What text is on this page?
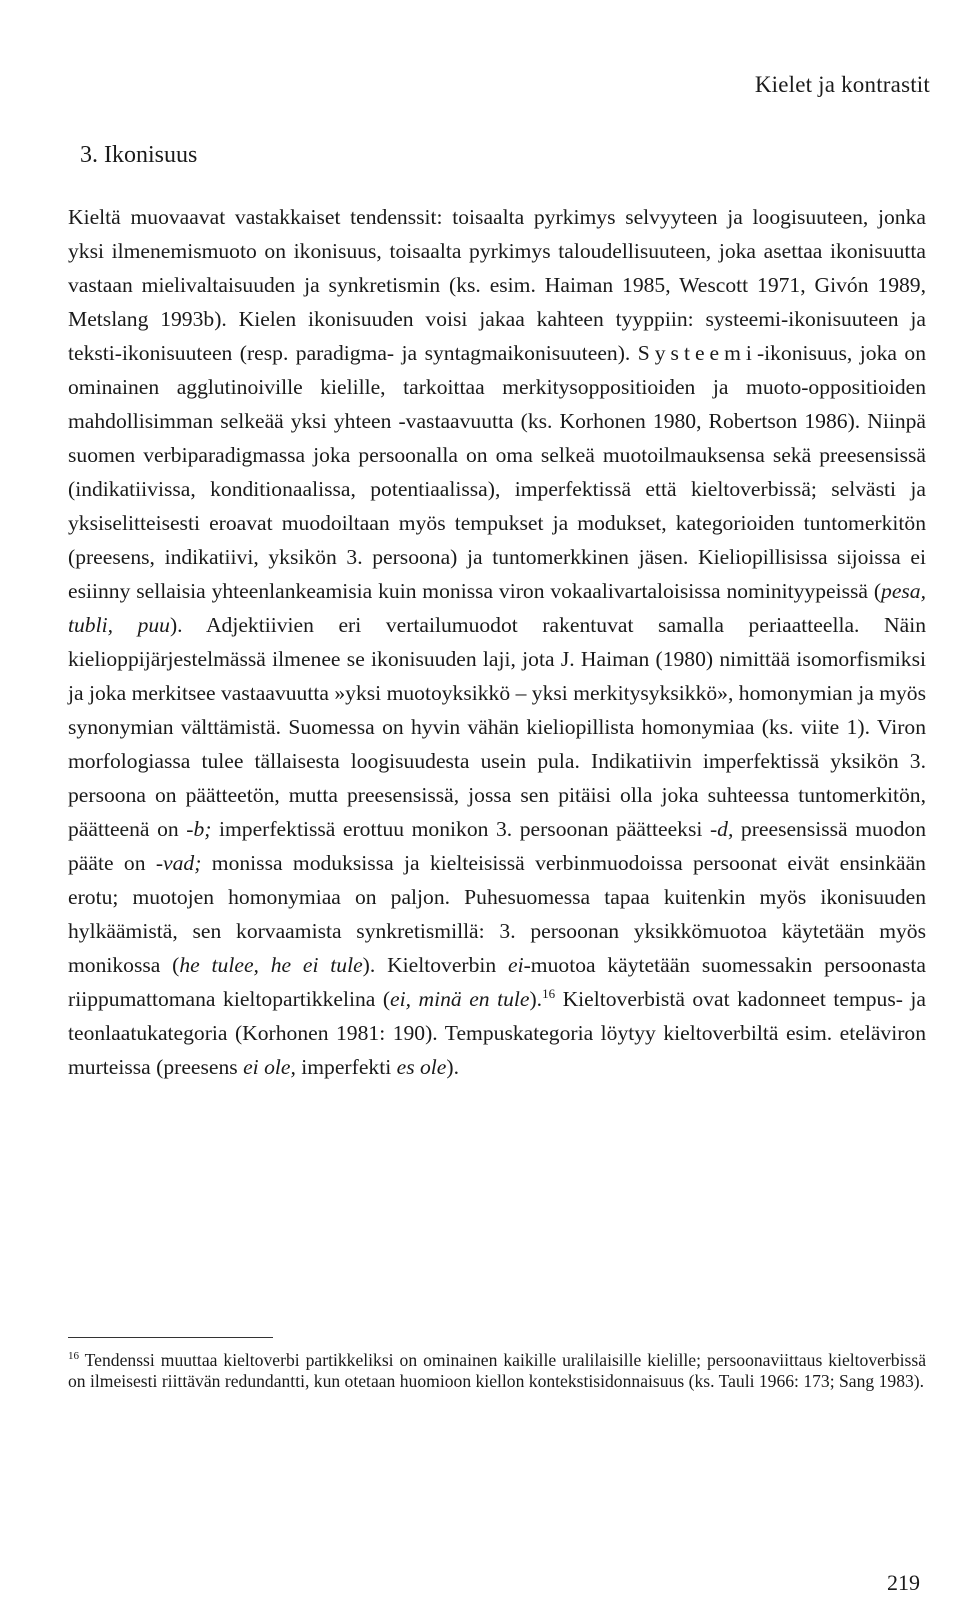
Kielet ja kontrastit
3. Ikonisuus

Kieltä muovaavat vastakkaiset tendenssit: toisaalta pyrkimys selvyyteen ja loogisuuteen, jonka yksi ilmenemismuoto on ikonisuus, toisaalta pyrkimys taloudellisuuteen, joka asettaa ikonisuutta vastaan mielivaltaisuuden ja synkretismin (ks. esim. Haiman 1985, Wescott 1971, Givón 1989, Metslang 1993b). Kielen ikonisuuden voisi jakaa kahteen tyyppiin: systeemi-ikonisuuteen ja teksti-ikonisuuteen (resp. paradigma- ja syntagmaikonisuuteen). Systeemi-ikonisuus, joka on ominainen agglutinoiville kielille, tarkoittaa merkitysoppositioiden ja muoto-oppositioiden mahdollisimman selkeää yksi yhteen -vastaavuutta (ks. Korhonen 1980, Robertson 1986). Niinpä suomen verbiparadigmassa joka persoonalla on oma selkeä muotoilmauksensa sekä preesensissä (indikatiivissa, konditionaalissa, potentiaalissa), imperfektissä että kieltoverbissä; selvästi ja yksiselitteisesti eroavat muodoiltaan myös tempukset ja modukset, kategorioiden tuntomerkitön (preesens, indikatiivi, yksikön 3. persoona) ja tuntomerkkinen jäsen. Kieliopillisissa sijoissa ei esiinny sellaisia yhteenlankeamisia kuin monissa viron vokaalivartaloisissa nominityypeissä (pesa, tubli, puu). Adjektiivien eri vertailumuodot rakentuvat samalla periaatteella. Näin kielioppijärjestelmässä ilmenee se ikonisuuden laji, jota J. Haiman (1980) nimittää isomorfismiksi ja joka merkitsee vastaavuutta »yksi muotoyksikkö – yksi merkitysyksikkö», homonymian ja myös synonymian välttämistä. Suomessa on hyvin vähän kieliopillista homonymiaa (ks. viite 1). Viron morfologiassa tulee tällaisesta loogisuudesta usein pula. Indikatiivin imperfektissä yksikön 3. persoona on päätteetön, mutta preesensissä, jossa sen pitäisi olla joka suhteessa tuntomerkitön, päätteenä on -b; imperfektissä erottuu monikon 3. persoonan päätteeksi -d, preesensissä muodon pääte on -vad; monissa moduksissa ja kielteisissä verbinmuodoissa persoonat eivät ensinkään erotu; muotojen homonymiaa on paljon. Puhesuomessa tapaa kuitenkin myös ikonisuuden hylkäämistä, sen korvaamista synkretismillä: 3. persoonan yksikkömuotoa käytetään myös monikossa (he tulee, he ei tule). Kieltoverbin ei-muotoa käytetään suomessakin persoonasta riippumattomana kieltopartikkelina (ei, minä en tule).$^{16}$ Kieltoverbistä ovat kadonneet tempus- ja teonlaatukategoria (Korhonen 1981: 190). Tempuskategoria löytyy kieltoverbiltä esim. eteläviron murteissa (preesens ei ole, imperfekti es ole).

$^{16}$ Tendenssi muuttaa kieltoverbi partikkeliksi on ominainen kaikille uralilaisille kielille; persoonaviittaus kieltoverbissä on ilmeisesti riittävän redundantti, kun otetaan huomioon kiellon kontekstisidonnaisuus (ks. Tauli 1966: 173; Sang 1983).

219
